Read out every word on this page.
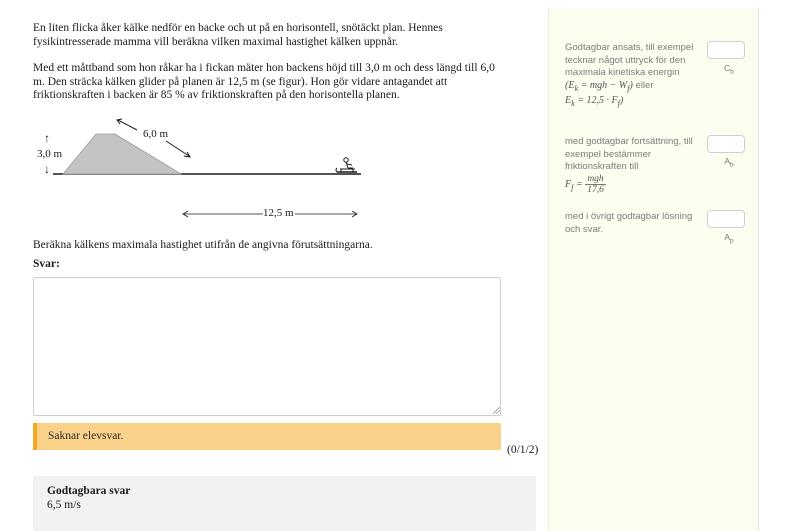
En liten flicka åker kälke nedför en backe och ut på en horisontell, snötäckt plan. Hennes fysikintresserade mamma vill beräkna vilken maximal hastighet kälken uppnår.

Med ett måttband som hon råkar ha i fickan mäter hon backens höjd till 3,0 m och dess längd till 6,0 m. Den sträcka kälken glider på planen är 12,5 m (se figur). Hon gör vidare antagandet att friktionskraften i backen är 85 % av friktionskraften på den horisontella planen.

6,0 m
↑
3,0 m
↓
12,5 m
Beräkna kälkens maximala hastighet utifrån de angivna förutsättningarna.
Svar:
Saknar elevsvar.
(0/1/2)
Godtagbara svar
6,5 m/s
Godtagbar ansats, till exempel tecknar något uttryck för den maximala kinetiska energin
($E_k$ = mgh − $W_f$) eller
$E_k = 12,5 \cdot F_f$)
$C_b$
med godtagbar fortsättning, till exempel bestämmer friktionskraften till
$F_f = \frac{\text{mgh}}{17,6}$
$A_b$
med i övrigt godtagbar lösning och svar.
$A_p$
